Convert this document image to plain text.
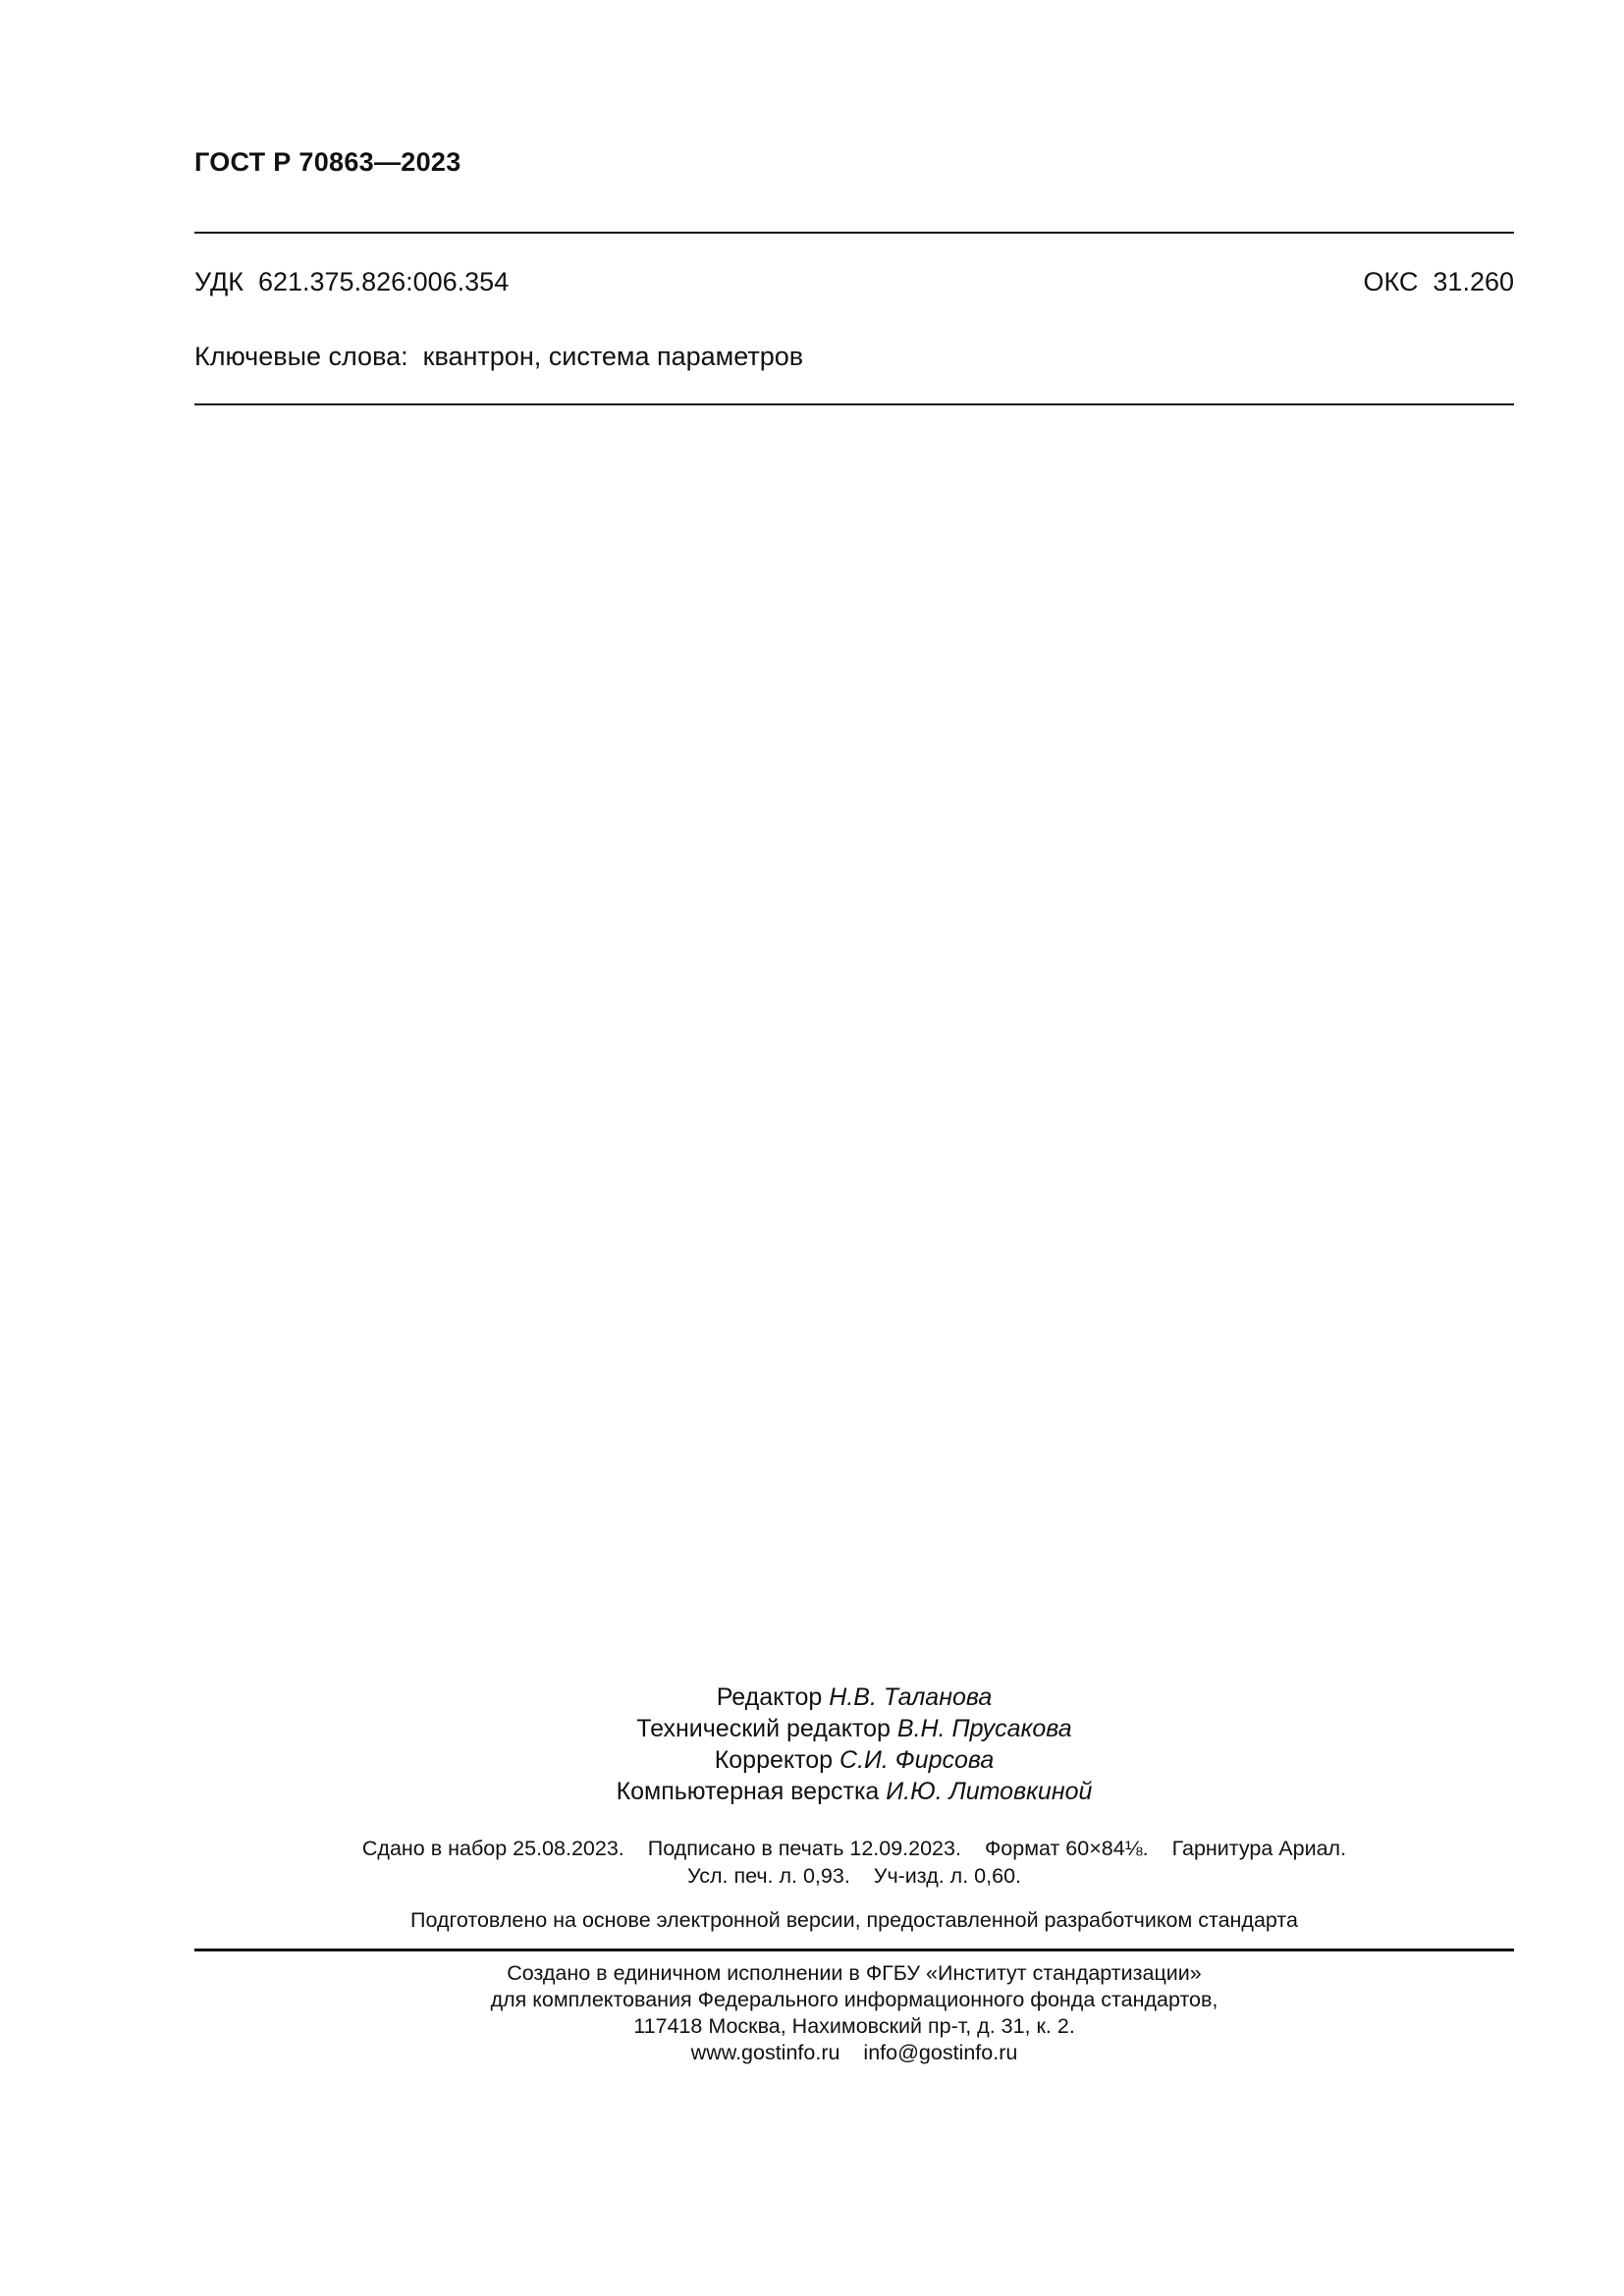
ГОСТ Р 70863—2023
УДК 621.375.826:006.354	ОКС 31.260
Ключевые слова: квантрон, система параметров
Редактор Н.В. Таланова
Технический редактор В.Н. Прусакова
Корректор С.И. Фирсова
Компьютерная верстка И.Ю. Литовкиной
Сдано в набор 25.08.2023. Подписано в печать 12.09.2023. Формат 60×84⅛. Гарнитура Ариал.
Усл. печ. л. 0,93. Уч-изд. л. 0,60.
Подготовлено на основе электронной версии, предоставленной разработчиком стандарта
Создано в единичном исполнении в ФГБУ «Институт стандартизации»
для комплектования Федерального информационного фонда стандартов,
117418 Москва, Нахимовский пр-т, д. 31, к. 2.
www.gostinfo.ru info@gostinfo.ru
